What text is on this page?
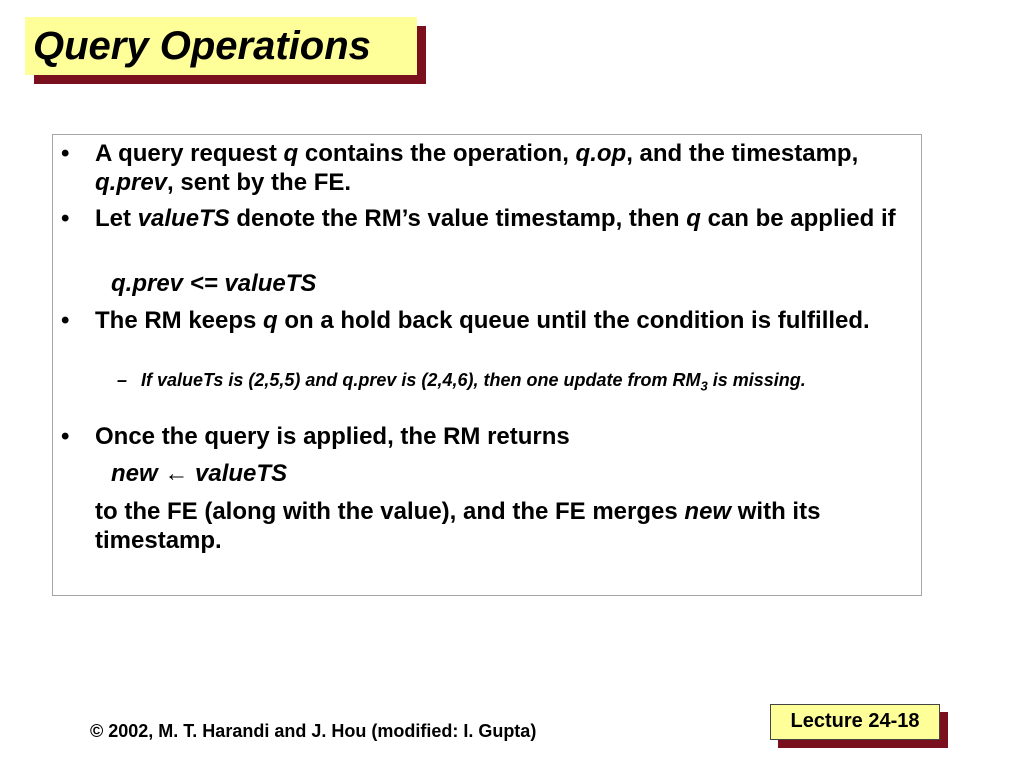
Query Operations
• A query request q contains the operation, q.op, and the timestamp, q.prev, sent by the FE.
• Let valueTS denote the RM’s value timestamp, then q can be applied if
q.prev <= valueTS
• The RM keeps q on a hold back queue until the condition is fulfilled.
– If valueTs is (2,5,5) and q.prev is (2,4,6), then one update from $RM_3$ is missing.
• Once the query is applied, the RM returns
new ← valueTS
to the FE (along with the value), and the FE merges new with its timestamp.
© 2002, M. T. Harandi and J. Hou (modified: I. Gupta)	Lecture 24-18
